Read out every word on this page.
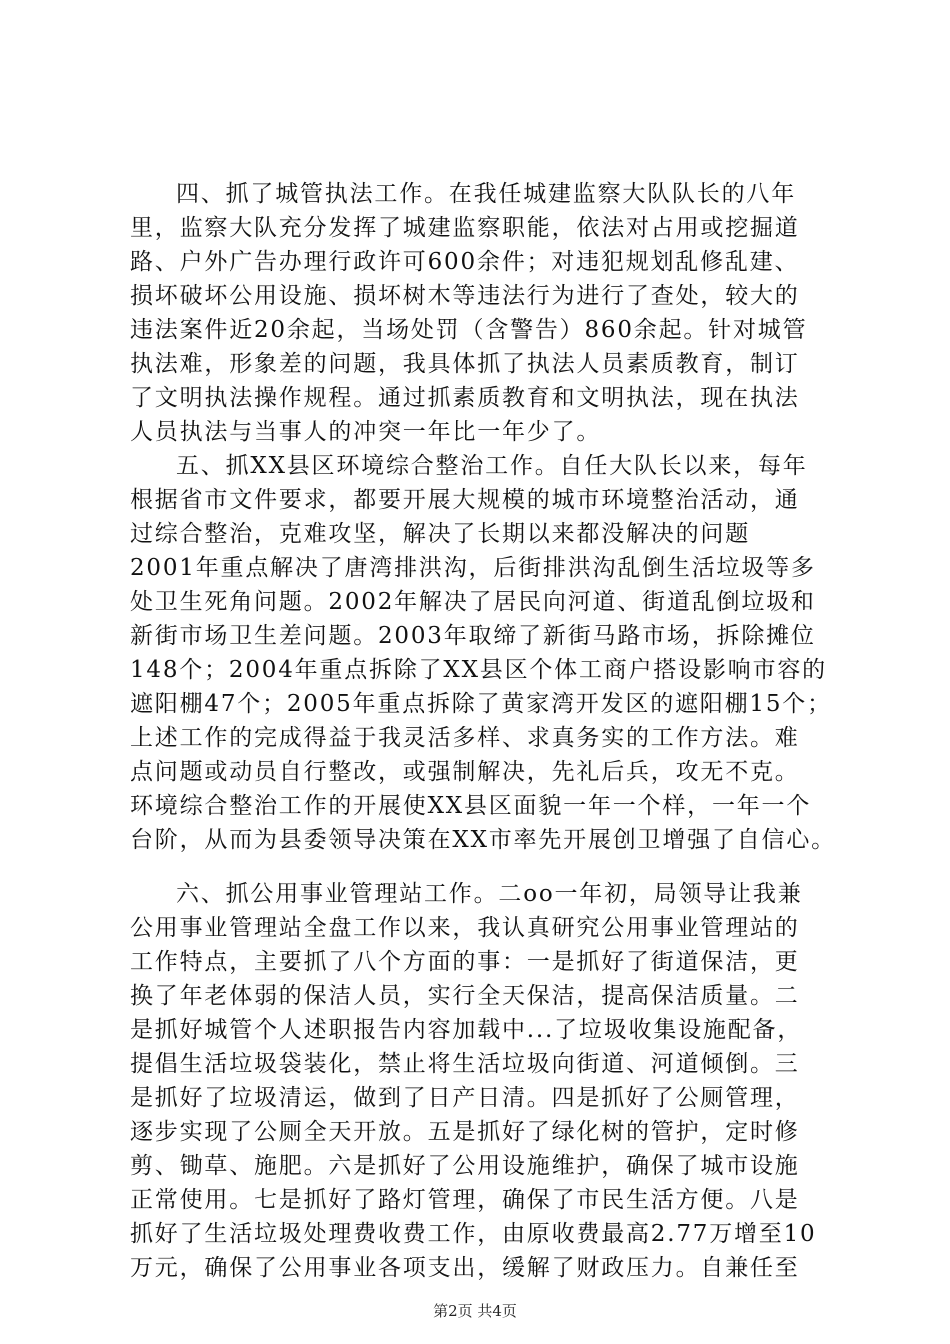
四、抓了城管执法工作。在我任城建监察大队队长的八年
里，监察大队充分发挥了城建监察职能，依法对占用或挖掘道
路、户外广告办理行政许可600余件；对违犯规划乱修乱建、
损坏破坏公用设施、损坏树木等违法行为进行了查处，较大的
违法案件近20余起，当场处罚（含警告）860余起。针对城管
执法难，形象差的问题，我具体抓了执法人员素质教育，制订
了文明执法操作规程。通过抓素质教育和文明执法，现在执法
人员执法与当事人的冲突一年比一年少了。
五、抓XX县区环境综合整治工作。自任大队长以来，每年
根据省市文件要求，都要开展大规模的城市环境整治活动，通
过综合整治，克难攻坚，解决了长期以来都没解决的问题
2001年重点解决了唐湾排洪沟，后街排洪沟乱倒生活垃圾等多
处卫生死角问题。2002年解决了居民向河道、街道乱倒垃圾和
新街市场卫生差问题。2003年取缔了新街马路市场，拆除摊位
148个；2004年重点拆除了XX县区个体工商户搭设影响市容的
遮阳棚47个；2005年重点拆除了黄家湾开发区的遮阳棚15个；
上述工作的完成得益于我灵活多样、求真务实的工作方法。难
点问题或动员自行整改，或强制解决，先礼后兵，攻无不克。
环境综合整治工作的开展使XX县区面貌一年一个样，一年一个
台阶，从而为县委领导决策在XX市率先开展创卫增强了自信心。
六、抓公用事业管理站工作。二oo一年初，局领导让我兼
公用事业管理站全盘工作以来，我认真研究公用事业管理站的
工作特点，主要抓了八个方面的事：一是抓好了街道保洁，更
换了年老体弱的保洁人员，实行全天保洁，提高保洁质量。二
是抓好城管个人述职报告内容加载中...了垃圾收集设施配备，
提倡生活垃圾袋装化，禁止将生活垃圾向街道、河道倾倒。三
是抓好了垃圾清运，做到了日产日清。四是抓好了公厕管理，
逐步实现了公厕全天开放。五是抓好了绿化树的管护，定时修
剪、锄草、施肥。六是抓好了公用设施维护，确保了城市设施
正常使用。七是抓好了路灯管理，确保了市民生活方便。八是
抓好了生活垃圾处理费收费工作，由原收费最高2.77万增至10
万元，确保了公用事业各项支出，缓解了财政压力。自兼任至
第2页 共4页
